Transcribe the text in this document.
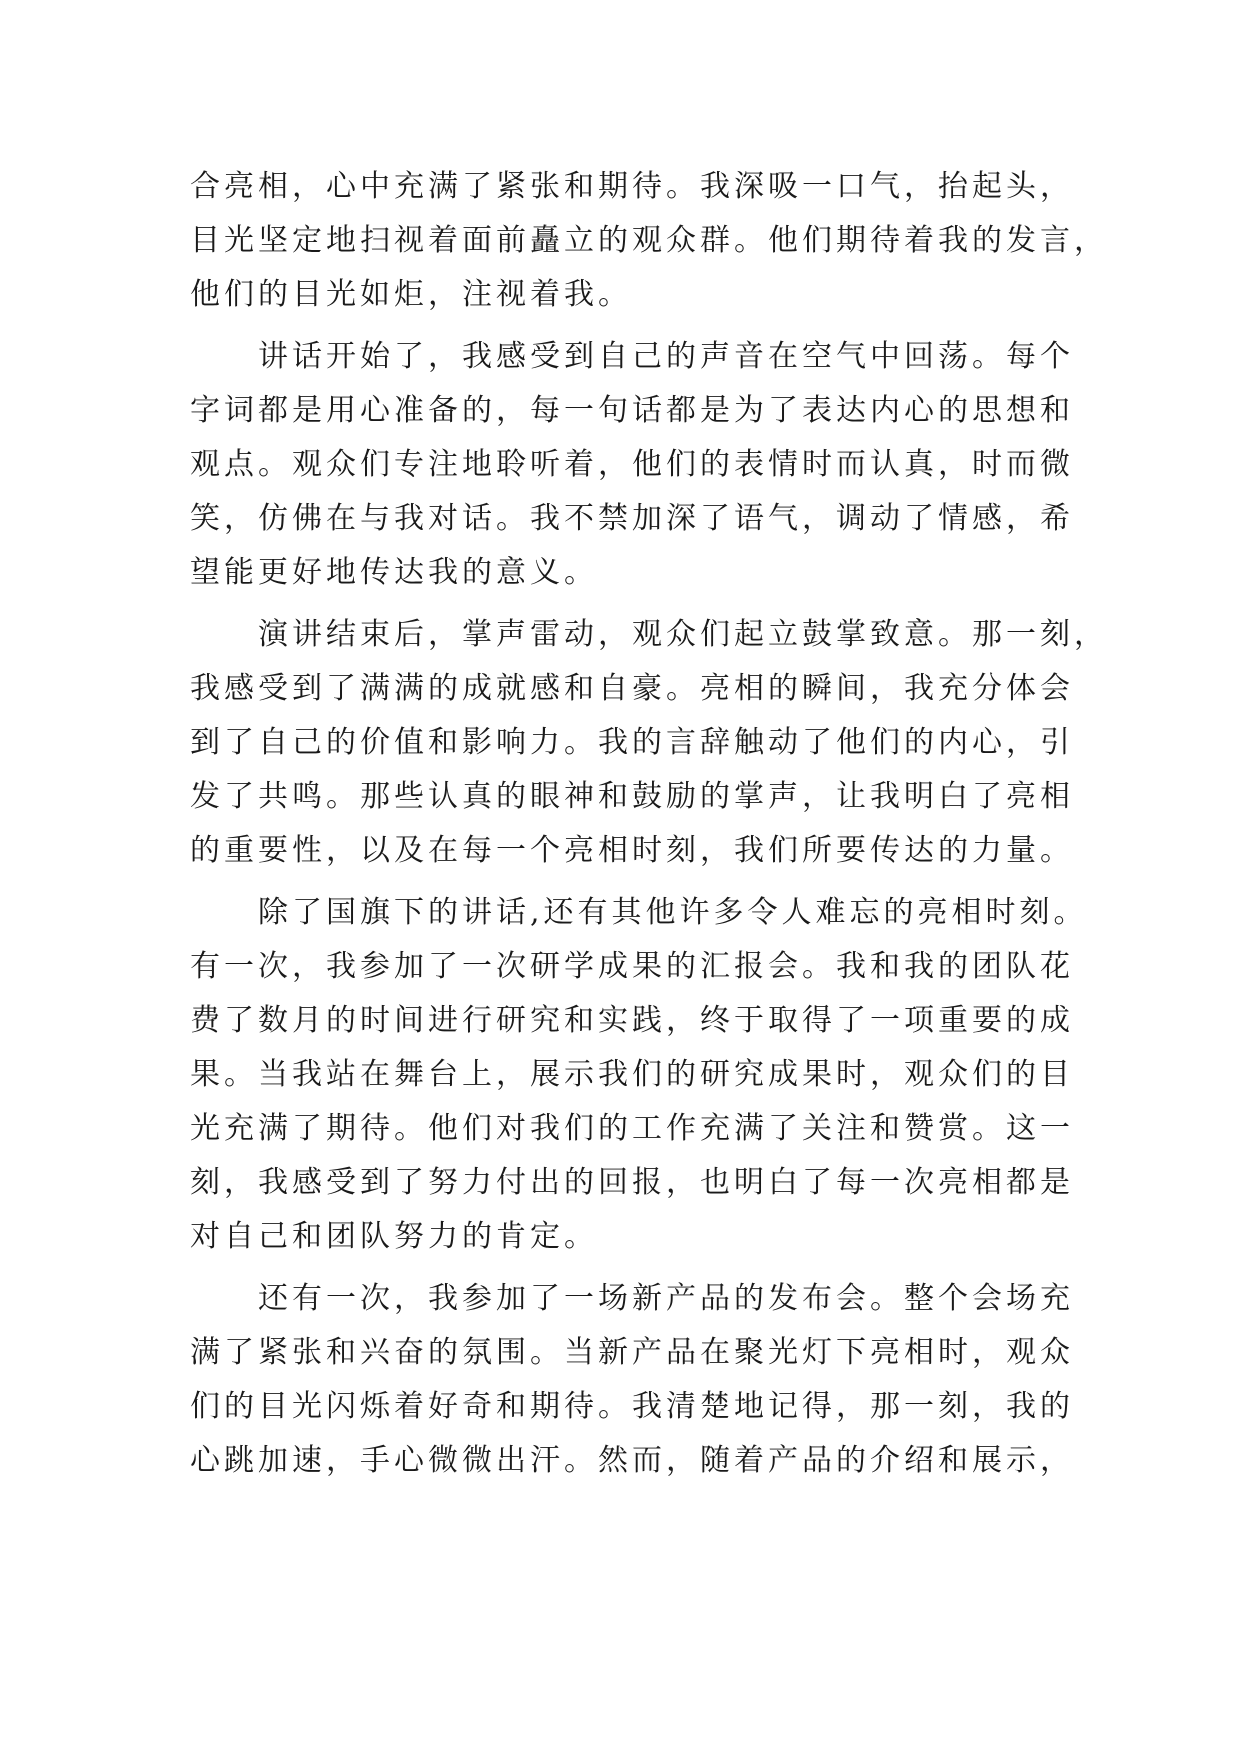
合亮相，心中充满了紧张和期待。我深吸一口气，抬起头，
目光坚定地扫视着面前矗立的观众群。他们期待着我的发言，
他们的目光如炬，注视着我。
讲话开始了，我感受到自己的声音在空气中回荡。每个
字词都是用心准备的，每一句话都是为了表达内心的思想和
观点。观众们专注地聆听着，他们的表情时而认真，时而微
笑，仿佛在与我对话。我不禁加深了语气，调动了情感，希
望能更好地传达我的意义。
演讲结束后，掌声雷动，观众们起立鼓掌致意。那一刻，
我感受到了满满的成就感和自豪。亮相的瞬间，我充分体会
到了自己的价值和影响力。我的言辞触动了他们的内心，引
发了共鸣。那些认真的眼神和鼓励的掌声，让我明白了亮相
的重要性，以及在每一个亮相时刻，我们所要传达的力量。
除了国旗下的讲话,还有其他许多令人难忘的亮相时刻。
有一次，我参加了一次研学成果的汇报会。我和我的团队花
费了数月的时间进行研究和实践，终于取得了一项重要的成
果。当我站在舞台上，展示我们的研究成果时，观众们的目
光充满了期待。他们对我们的工作充满了关注和赞赏。这一
刻，我感受到了努力付出的回报，也明白了每一次亮相都是
对自己和团队努力的肯定。
还有一次，我参加了一场新产品的发布会。整个会场充
满了紧张和兴奋的氛围。当新产品在聚光灯下亮相时，观众
们的目光闪烁着好奇和期待。我清楚地记得，那一刻，我的
心跳加速，手心微微出汗。然而，随着产品的介绍和展示，
